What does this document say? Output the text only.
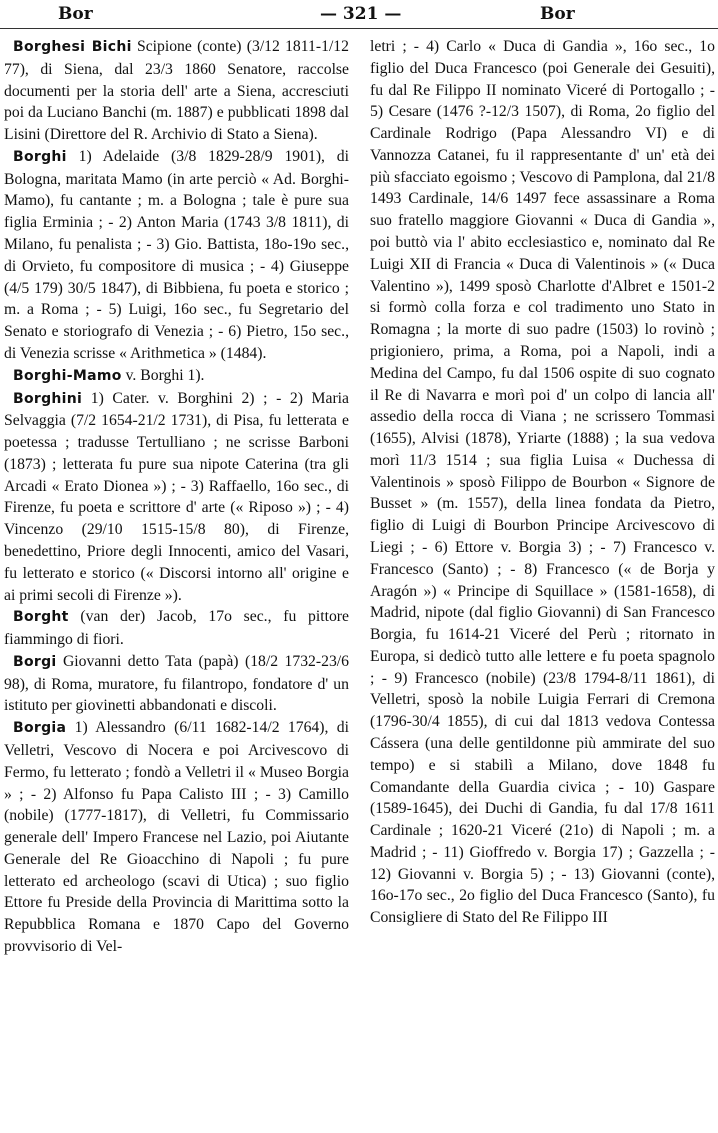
Bor	— 321 —	Bor

Borghesi Bichi Scipione (conte) (3/12 1811-1/12 77), di Siena, dal 23/3 1860 Senatore, raccolse documenti per la storia dell' arte a Siena, accresciuti poi da Luciano Banchi (m. 1887) e pubblicati 1898 dal Lisini (Direttore del R. Archivio di Stato a Siena).

Borghi 1) Adelaide (3/8 1829-28/9 1901), di Bologna, maritata Mamo (in arte perciò « Ad. Borghi-Mamo), fu cantante ; m. a Bologna ; tale è pure sua figlia Erminia ; - 2) Anton Maria (1743 3/8 1811), di Milano, fu penalista ; - 3) Gio. Battista, 18o-19o sec., di Orvieto, fu compositore di musica ; - 4) Giuseppe (4/5 179) 30/5 1847), di Bibbiena, fu poeta e storico ; m. a Roma ; - 5) Luigi, 16o sec., fu Segretario del Senato e storiografo di Venezia ; - 6) Pietro, 15o sec., di Venezia scrisse « Arithmetica » (1484).

Borghi-Mamo v. Borghi 1).

Borghini 1) Cater. v. Borghini 2) ; - 2) Maria Selvaggia (7/2 1654-21/2 1731), di Pisa, fu letterata e poetessa ; tradusse Tertulliano ; ne scrisse Barboni (1873) ; letterata fu pure sua nipote Caterina (tra gli Arcadi « Erato Dionea ») ; - 3) Raffaello, 16o sec., di Firenze, fu poeta e scrittore d' arte (« Riposo ») ; - 4) Vincenzo (29/10 1515-15/8 80), di Firenze, benedettino, Priore degli Innocenti, amico del Vasari, fu letterato e storico (« Discorsi intorno all' origine e ai primi secoli di Firenze »).

Borght (van der) Jacob, 17o sec., fu pittore fiammingo di fiori.

Borgi Giovanni detto Tata (papà) (18/2 1732-23/6 98), di Roma, muratore, fu filantropo, fondatore d' un istituto per giovinetti abbandonati e discoli.

Borgia 1) Alessandro (6/11 1682-14/2 1764), di Velletri, Vescovo di Nocera e poi Arcivescovo di Fermo, fu letterato ; fondò a Velletri il « Museo Borgia » ; - 2) Alfonso fu Papa Calisto III ; - 3) Camillo (nobile) (1777-1817), di Velletri, fu Commissario generale dell' Impero Francese nel Lazio, poi Aiutante Generale del Re Gioacchino di Napoli ; fu pure letterato ed archeologo (scavi di Utica) ; suo figlio Ettore fu Preside della Provincia di Marittima sotto la Repubblica Romana e 1870 Capo del Governo provvisorio di Vel-

letri ; - 4) Carlo « Duca di Gandia », 16o sec., 1o figlio del Duca Francesco (poi Generale dei Gesuiti), fu dal Re Filippo II nominato Viceré di Portogallo ; - 5) Cesare (1476 ?-12/3 1507), di Roma, 2o figlio del Cardinale Rodrigo (Papa Alessandro VI) e di Vannozza Catanei, fu il rappresentante d' un' età dei più sfacciato egoismo ; Vescovo di Pamplona, dal 21/8 1493 Cardinale, 14/6 1497 fece assassinare a Roma suo fratello maggiore Giovanni « Duca di Gandia », poi buttò via l' abito ecclesiastico e, nominato dal Re Luigi XII di Francia « Duca di Valentinois » (« Duca Valentino »), 1499 sposò Charlotte d'Albret e 1501-2 si formò colla forza e col tradimento uno Stato in Romagna ; la morte di suo padre (1503) lo rovinò ; prigioniero, prima, a Roma, poi a Napoli, indi a Medina del Campo, fu dal 1506 ospite di suo cognato il Re di Navarra e morì poi d' un colpo di lancia all' assedio della rocca di Viana ; ne scrissero Tommasi (1655), Alvisi (1878), Yriarte (1888) ; la sua vedova morì 11/3 1514 ; sua figlia Luisa « Duchessa di Valentinois » sposò Filippo de Bourbon « Signore de Busset » (m. 1557), della linea fondata da Pietro, figlio di Luigi di Bourbon Principe Arcivescovo di Liegi ; - 6) Ettore v. Borgia 3) ; - 7) Francesco v. Francesco (Santo) ; - 8) Francesco (« de Borja y Aragón ») « Principe di Squillace » (1581-1658), di Madrid, nipote (dal figlio Giovanni) di San Francesco Borgia, fu 1614-21 Viceré del Perù ; ritornato in Europa, si dedicò tutto alle lettere e fu poeta spagnolo ; - 9) Francesco (nobile) (23/8 1794-8/11 1861), di Velletri, sposò la nobile Luigia Ferrari di Cremona (1796-30/4 1855), di cui dal 1813 vedova Contessa Cássera (una delle gentildonne più ammirate del suo tempo) e si stabilì a Milano, dove 1848 fu Comandante della Guardia civica ; - 10) Gaspare (1589-1645), dei Duchi di Gandia, fu dal 17/8 1611 Cardinale ; 1620-21 Viceré (21o) di Napoli ; m. a Madrid ; - 11) Gioffredo v. Borgia 17) ; Gazzella ; - 12) Giovanni v. Borgia 5) ; - 13) Giovanni (conte), 16o-17o sec., 2o figlio del Duca Francesco (Santo), fu Consigliere di Stato del Re Filippo III
